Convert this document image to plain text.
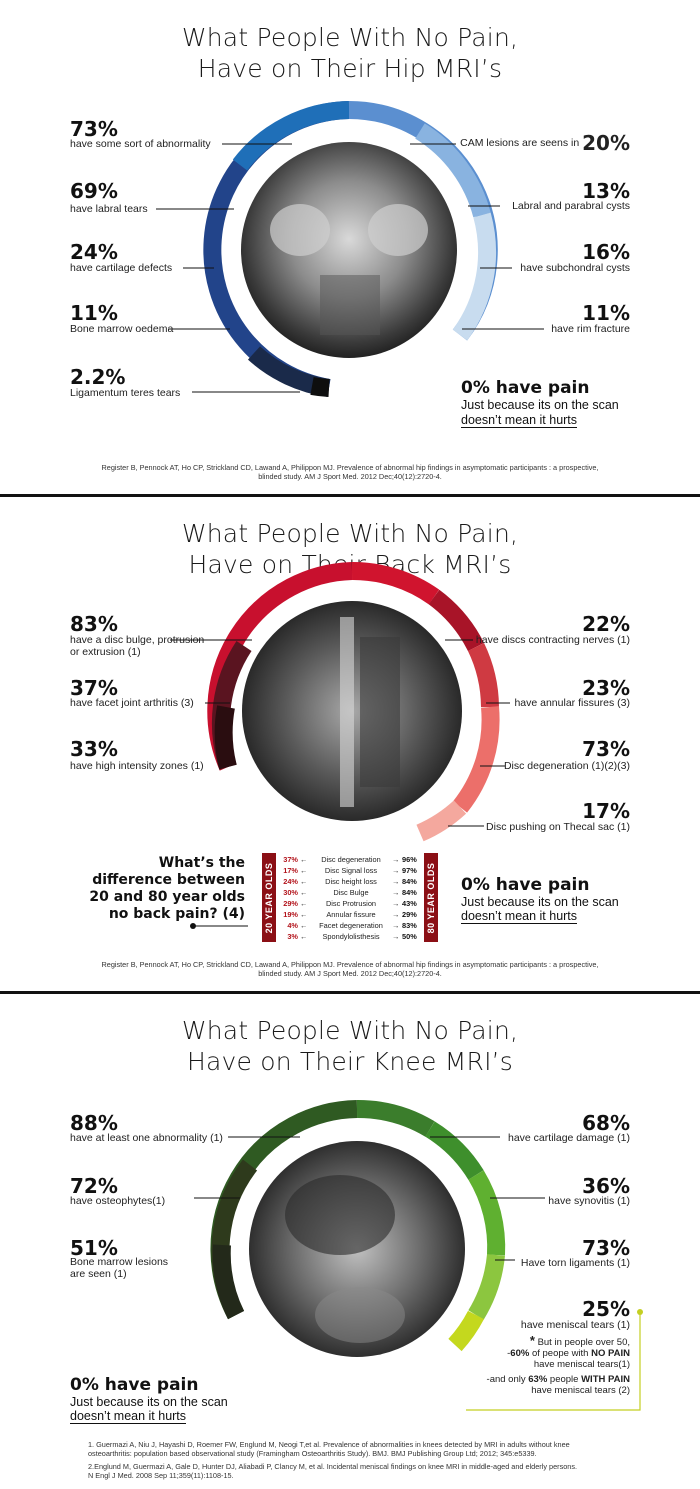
What People With No Pain,
Have on Their Hip MRI’s
73%
have some sort of abnormality
69%
have labral tears
24%
have cartilage defects
11%
Bone marrow oedema
2.2%
Ligamentum teres tears
CAM lesions are seens in 20%
13%
Labral and parabral cysts
16%
have subchondral cysts
11%
have rim fracture
0% have pain
Just because its on the scan
doesn’t mean it hurts
Register B, Pennock AT, Ho CP, Strickland CD, Lawand A, Philippon MJ. Prevalence of abnormal hip findings in asymptomatic participants : a prospective,
blinded study. AM J Sport Med. 2012 Dec;40(12):2720-4.
What People With No Pain,
Have on Their Back MRI’s
83%
have a disc bulge, protrusion
or extrusion (1)
37%
have facet joint arthritis (3)
33%
have high intensity zones (1)
22%
have discs contracting nerves (1)
23%
have annular fissures (3)
73%
Disc degeneration (1)(2)(3)
17%
Disc pushing on Thecal sac (1)
What’s the
difference between
20 and 80 year olds
no back pain? (4) 20 YEAR OLDS	80 YEAR OLDS
37% ←	Disc degeneration	→ 96%
17% ←	Disc Signal loss	→ 97%
24% ←	Disc height loss	→ 84%
30% ←	Disc Bulge	→ 84%
29% ←	Disc Protrusion	→ 43%
19% ←	Annular fissure	→ 29%
4% ←	Facet degeneration	→ 83%
3% ←	Spondylolisthesis	→ 50%
0% have pain
Just because its on the scan
doesn’t mean it hurts
Register B, Pennock AT, Ho CP, Strickland CD, Lawand A, Philippon MJ. Prevalence of abnormal hip findings in asymptomatic participants : a prospective,
blinded study. AM J Sport Med. 2012 Dec;40(12):2720-4.
What People With No Pain,
Have on Their Knee MRI’s
88%
have at least one abnormality (1)
72%
have osteophytes(1)
51%
Bone marrow lesions
are seen (1)
68%
have cartilage damage (1)
36%
have synovitis (1)
73%
Have torn ligaments (1)
25%
have meniscal tears (1)
* But in people over 50,
-60% of peope with NO PAIN
have meniscal tears(1)
-and only 63% people WITH PAIN
have meniscal tears (2)
0% have pain
Just because its on the scan
doesn’t mean it hurts
1. Guermazi A, Niu J, Hayashi D, Roemer FW, Englund M, Neogi T,et al. Prevalence of abnormalities in knees detected by MRI in adults without knee
osteoarthritis: population based observational study (Framingham Osteoarthritis Study). BMJ. BMJ Publishing Group Ltd; 2012; 345:e5339.
2.Englund M, Guermazi A, Gale D, Hunter DJ, Aliabadi P, Clancy M, et al. Incidental meniscal findings on knee MRI in middle-aged and elderly persons.
N Engl J Med. 2008 Sep 11;359(11):1108-15.
